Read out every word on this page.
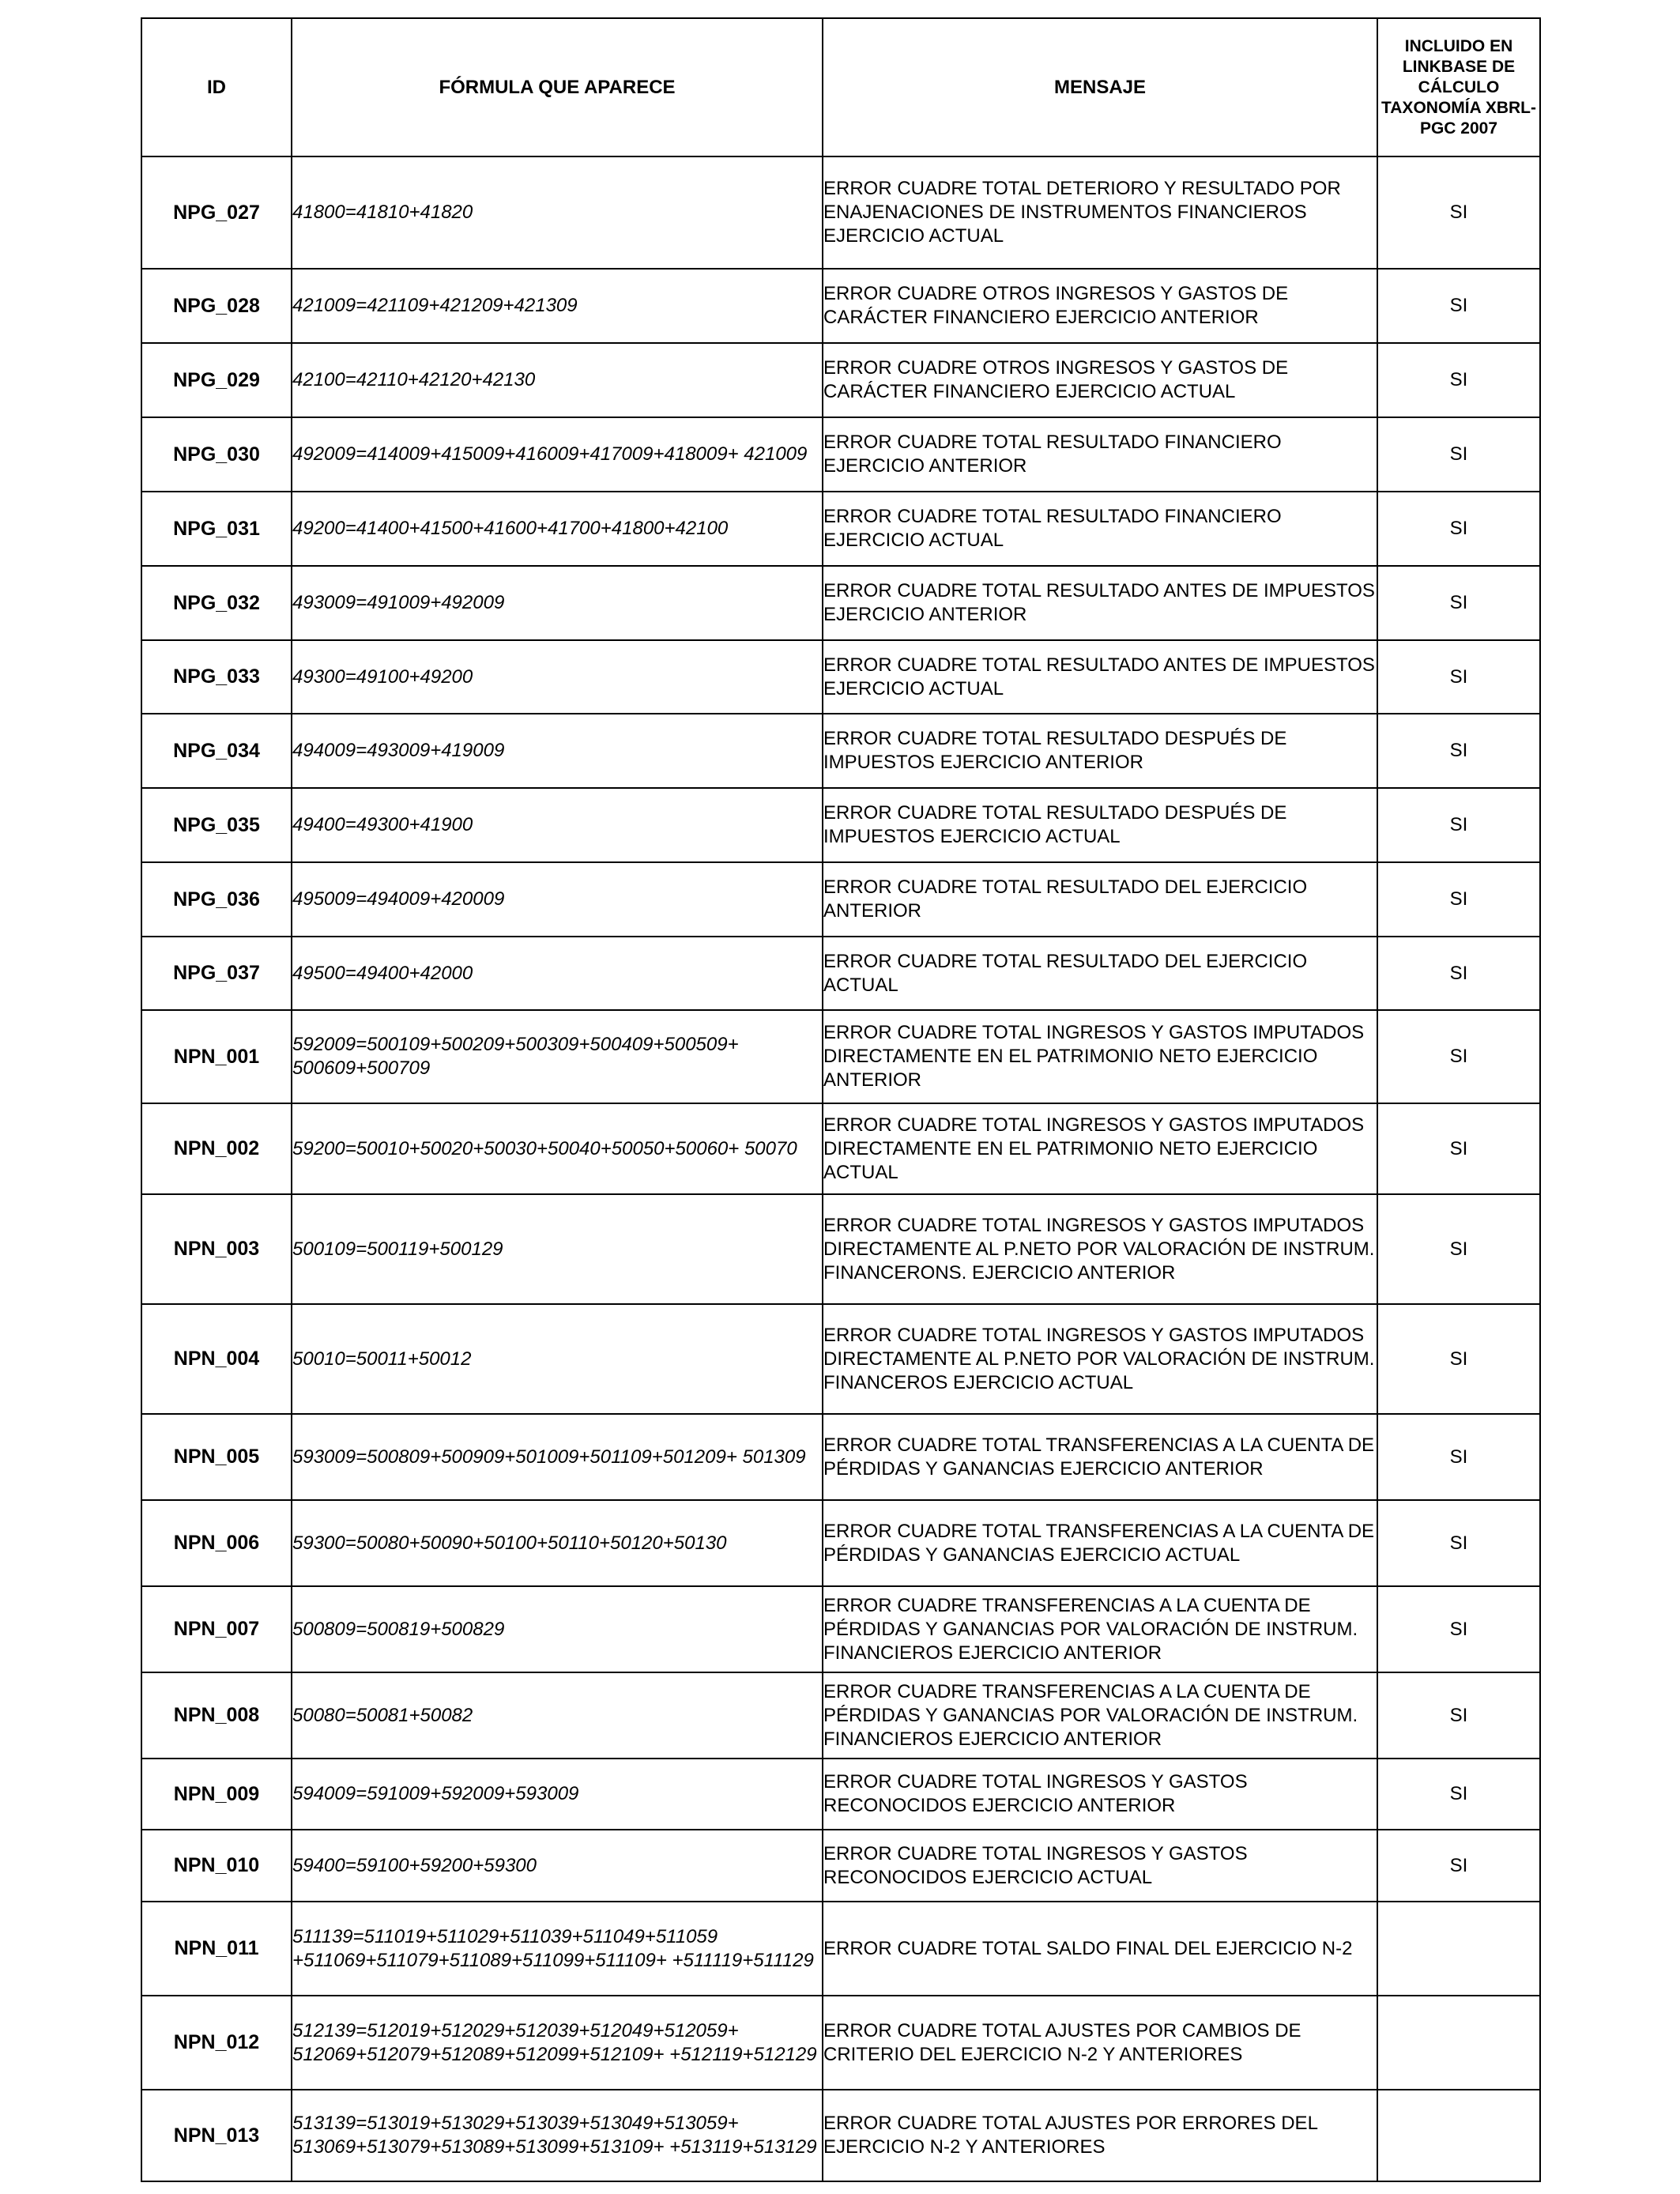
ID	FÓRMULA QUE APARECE	MENSAJE	INCLUIDO EN LINKBASE DE CÁLCULO TAXONOMÍA XBRL-PGC 2007
NPG_027	41800=41810+41820	ERROR CUADRE TOTAL DETERIORO Y RESULTADO POR ENAJENACIONES DE INSTRUMENTOS FINANCIEROS EJERCICIO ACTUAL	SI
NPG_028	421009=421109+421209+421309	ERROR CUADRE OTROS INGRESOS Y GASTOS DE CARÁCTER FINANCIERO EJERCICIO ANTERIOR	SI
NPG_029	42100=42110+42120+42130	ERROR CUADRE OTROS INGRESOS Y GASTOS DE CARÁCTER FINANCIERO EJERCICIO ACTUAL	SI
NPG_030	492009=414009+415009+416009+417009+418009+ 421009	ERROR CUADRE TOTAL RESULTADO FINANCIERO EJERCICIO ANTERIOR	SI
NPG_031	49200=41400+41500+41600+41700+41800+42100	ERROR CUADRE TOTAL RESULTADO FINANCIERO EJERCICIO ACTUAL	SI
NPG_032	493009=491009+492009	ERROR CUADRE TOTAL RESULTADO ANTES DE IMPUESTOS EJERCICIO ANTERIOR	SI
NPG_033	49300=49100+49200	ERROR CUADRE TOTAL RESULTADO ANTES DE IMPUESTOS EJERCICIO ACTUAL	SI
NPG_034	494009=493009+419009	ERROR CUADRE TOTAL RESULTADO DESPUÉS DE IMPUESTOS EJERCICIO ANTERIOR	SI
NPG_035	49400=49300+41900	ERROR CUADRE TOTAL RESULTADO DESPUÉS DE IMPUESTOS EJERCICIO ACTUAL	SI
NPG_036	495009=494009+420009	ERROR CUADRE TOTAL RESULTADO DEL EJERCICIO ANTERIOR	SI
NPG_037	49500=49400+42000	ERROR CUADRE TOTAL RESULTADO DEL EJERCICIO ACTUAL	SI
NPN_001	592009=500109+500209+500309+500409+500509+ 500609+500709	ERROR CUADRE TOTAL INGRESOS Y GASTOS IMPUTADOS DIRECTAMENTE EN EL PATRIMONIO NETO EJERCICIO ANTERIOR	SI
NPN_002	59200=50010+50020+50030+50040+50050+50060+ 50070	ERROR CUADRE TOTAL INGRESOS Y GASTOS IMPUTADOS DIRECTAMENTE EN EL PATRIMONIO NETO EJERCICIO ACTUAL	SI
NPN_003	500109=500119+500129	ERROR CUADRE TOTAL INGRESOS Y GASTOS IMPUTADOS DIRECTAMENTE AL P.NETO POR VALORACIÓN DE INSTRUM. FINANCERONS. EJERCICIO ANTERIOR	SI
NPN_004	50010=50011+50012	ERROR CUADRE TOTAL INGRESOS Y GASTOS IMPUTADOS DIRECTAMENTE AL P.NETO POR VALORACIÓN DE INSTRUM. FINANCEROS EJERCICIO ACTUAL	SI
NPN_005	593009=500809+500909+501009+501109+501209+ 501309	ERROR CUADRE TOTAL TRANSFERENCIAS A LA CUENTA DE PÉRDIDAS Y GANANCIAS EJERCICIO ANTERIOR	SI
NPN_006	59300=50080+50090+50100+50110+50120+50130	ERROR CUADRE TOTAL TRANSFERENCIAS A LA CUENTA DE PÉRDIDAS Y GANANCIAS EJERCICIO ACTUAL	SI
NPN_007	500809=500819+500829	ERROR CUADRE TRANSFERENCIAS A LA CUENTA DE PÉRDIDAS Y GANANCIAS POR VALORACIÓN DE INSTRUM. FINANCIEROS EJERCICIO ANTERIOR	SI
NPN_008	50080=50081+50082	ERROR CUADRE TRANSFERENCIAS A LA CUENTA DE PÉRDIDAS Y GANANCIAS POR VALORACIÓN DE INSTRUM. FINANCIEROS EJERCICIO ANTERIOR	SI
NPN_009	594009=591009+592009+593009	ERROR CUADRE TOTAL INGRESOS Y GASTOS RECONOCIDOS EJERCICIO ANTERIOR	SI
NPN_010	59400=59100+59200+59300	ERROR CUADRE TOTAL INGRESOS Y GASTOS RECONOCIDOS EJERCICIO ACTUAL	SI
NPN_011	511139=511019+511029+511039+511049+511059 +511069+511079+511089+511099+511109+ +511119+511129	ERROR CUADRE TOTAL SALDO FINAL DEL EJERCICIO N-2	
NPN_012	512139=512019+512029+512039+512049+512059+ 512069+512079+512089+512099+512109+ +512119+512129	ERROR CUADRE TOTAL AJUSTES POR CAMBIOS DE CRITERIO DEL EJERCICIO N-2 Y ANTERIORES	
NPN_013	513139=513019+513029+513039+513049+513059+ 513069+513079+513089+513099+513109+ +513119+513129	ERROR CUADRE TOTAL AJUSTES POR ERRORES DEL EJERCICIO N-2 Y ANTERIORES	
